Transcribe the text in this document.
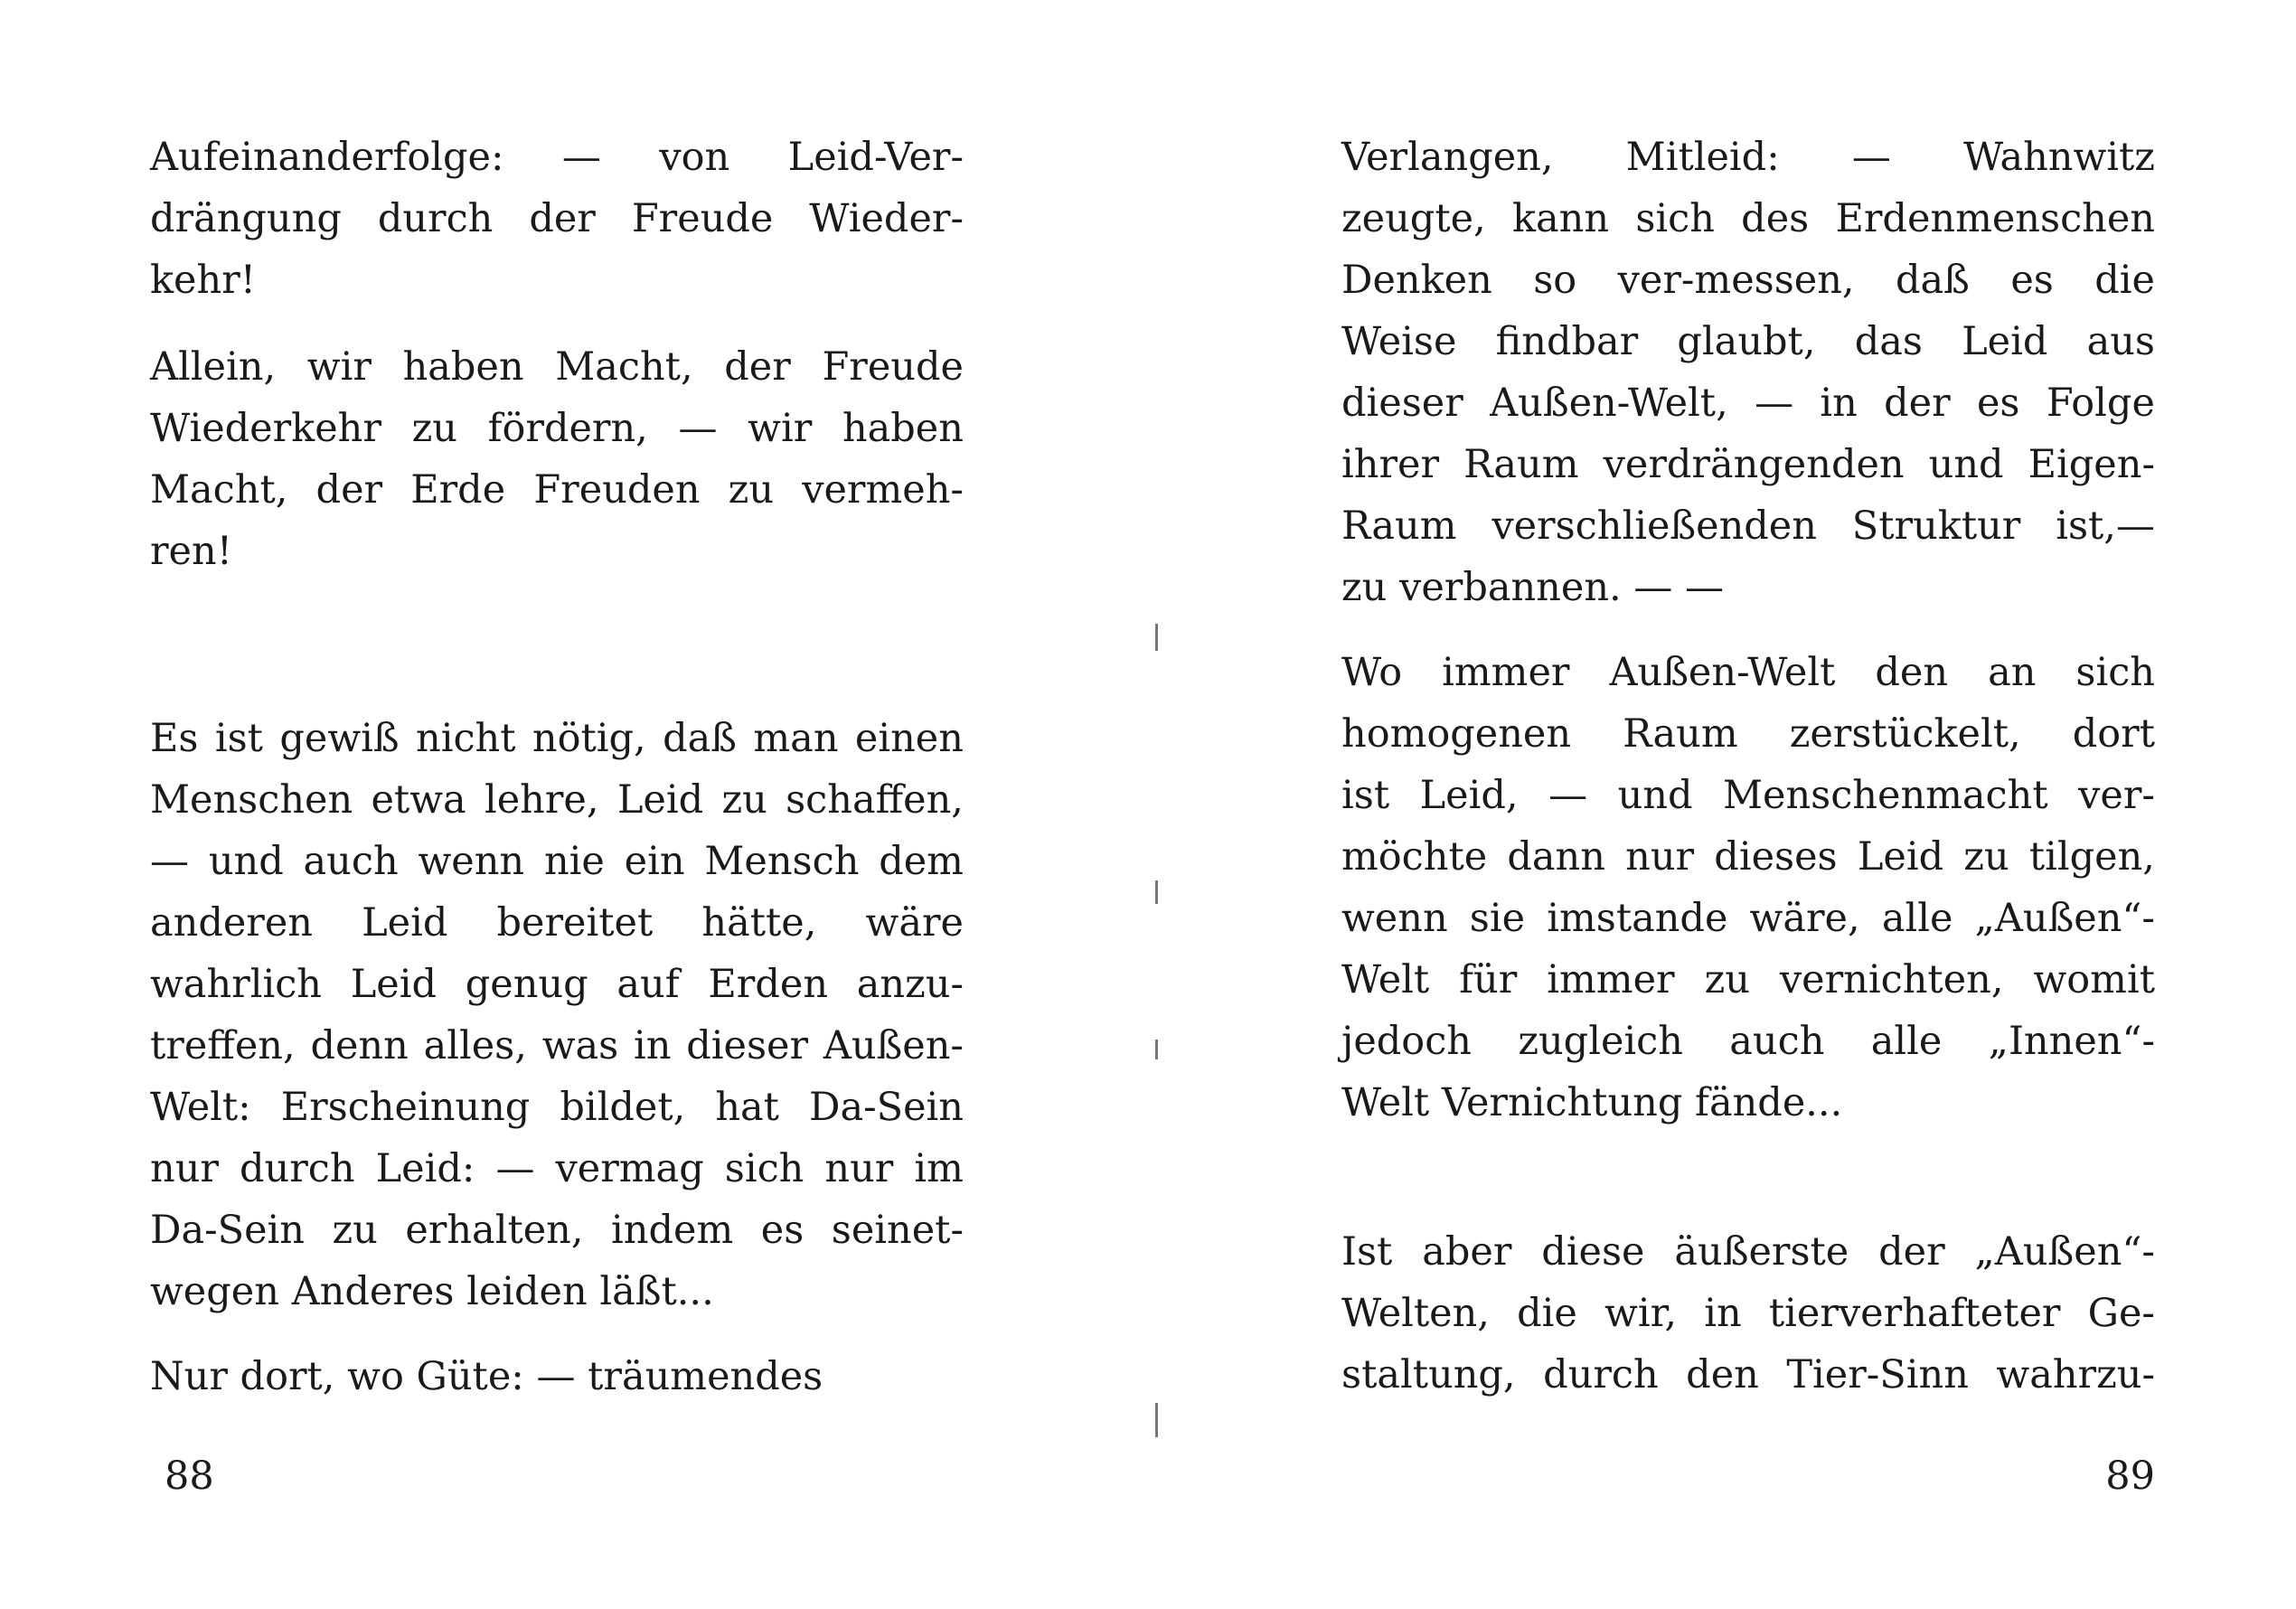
Aufeinanderfolge: — von Leid-Ver-
drängung durch der Freude Wieder-
kehr!
Allein, wir haben Macht, der Freude
Wiederkehr zu fördern, — wir haben
Macht, der Erde Freuden zu vermeh-
ren!
Es ist gewiß nicht nötig, daß man einen
Menschen etwa lehre, Leid zu schaffen,
— und auch wenn nie ein Mensch dem
anderen Leid bereitet hätte, wäre
wahrlich Leid genug auf Erden anzu-
treffen, denn alles, was in dieser Außen-
Welt: Erscheinung bildet, hat Da-Sein
nur durch Leid: — vermag sich nur im
Da-Sein zu erhalten, indem es seinet-
wegen
Anderes
leiden
läßt...
Nur
dort,
wo
Güte:
—
träumendes
88
Verlangen, Mitleid: — Wahnwitz
zeugte, kann sich des Erdenmenschen
Denken so ver-messen, daß es die
Weise findbar glaubt, das Leid aus
dieser Außen-Welt, — in der es Folge
ihrer Raum verdrängenden und Eigen-
Raum verschließenden Struktur ist,—
zu
verbannen.
—
—
Wo immer Außen-Welt den an sich
homogenen Raum zerstückelt, dort
ist Leid, — und Menschenmacht ver-
möchte dann nur dieses Leid zu tilgen,
wenn sie imstande wäre, alle „Außen“-
Welt für immer zu vernichten, womit
jedoch zugleich auch alle „Innen“-
Welt
Vernichtung
fände...
Ist aber diese äußerste der „Außen“-
Welten, die wir, in tierverhafteter Ge-
staltung, durch den Tier-Sinn wahrzu-
89
